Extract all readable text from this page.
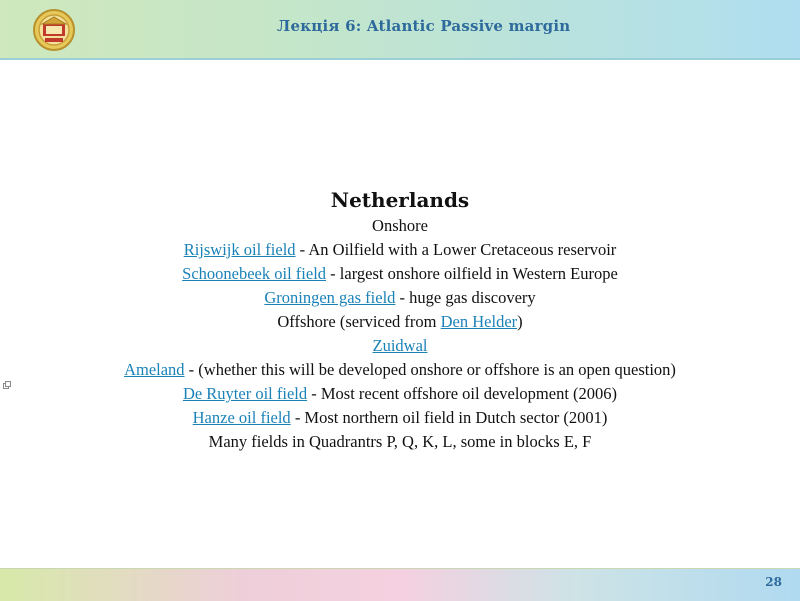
Лекція 6: Atlantic Passive margin
Netherlands
Onshore
Rijswijk oil field - An Oilfield with a Lower Cretaceous reservoir
Schoonebeek oil field - largest onshore oilfield in Western Europe
Groningen gas field - huge gas discovery
Offshore (serviced from Den Helder)
Zuidwal
Ameland - (whether this will be developed onshore or offshore is an open question)
De Ruyter oil field - Most recent offshore oil development (2006)
Hanze oil field - Most northern oil field in Dutch sector (2001)
Many fields in Quadrantrs P, Q, K, L, some in blocks E, F
28
